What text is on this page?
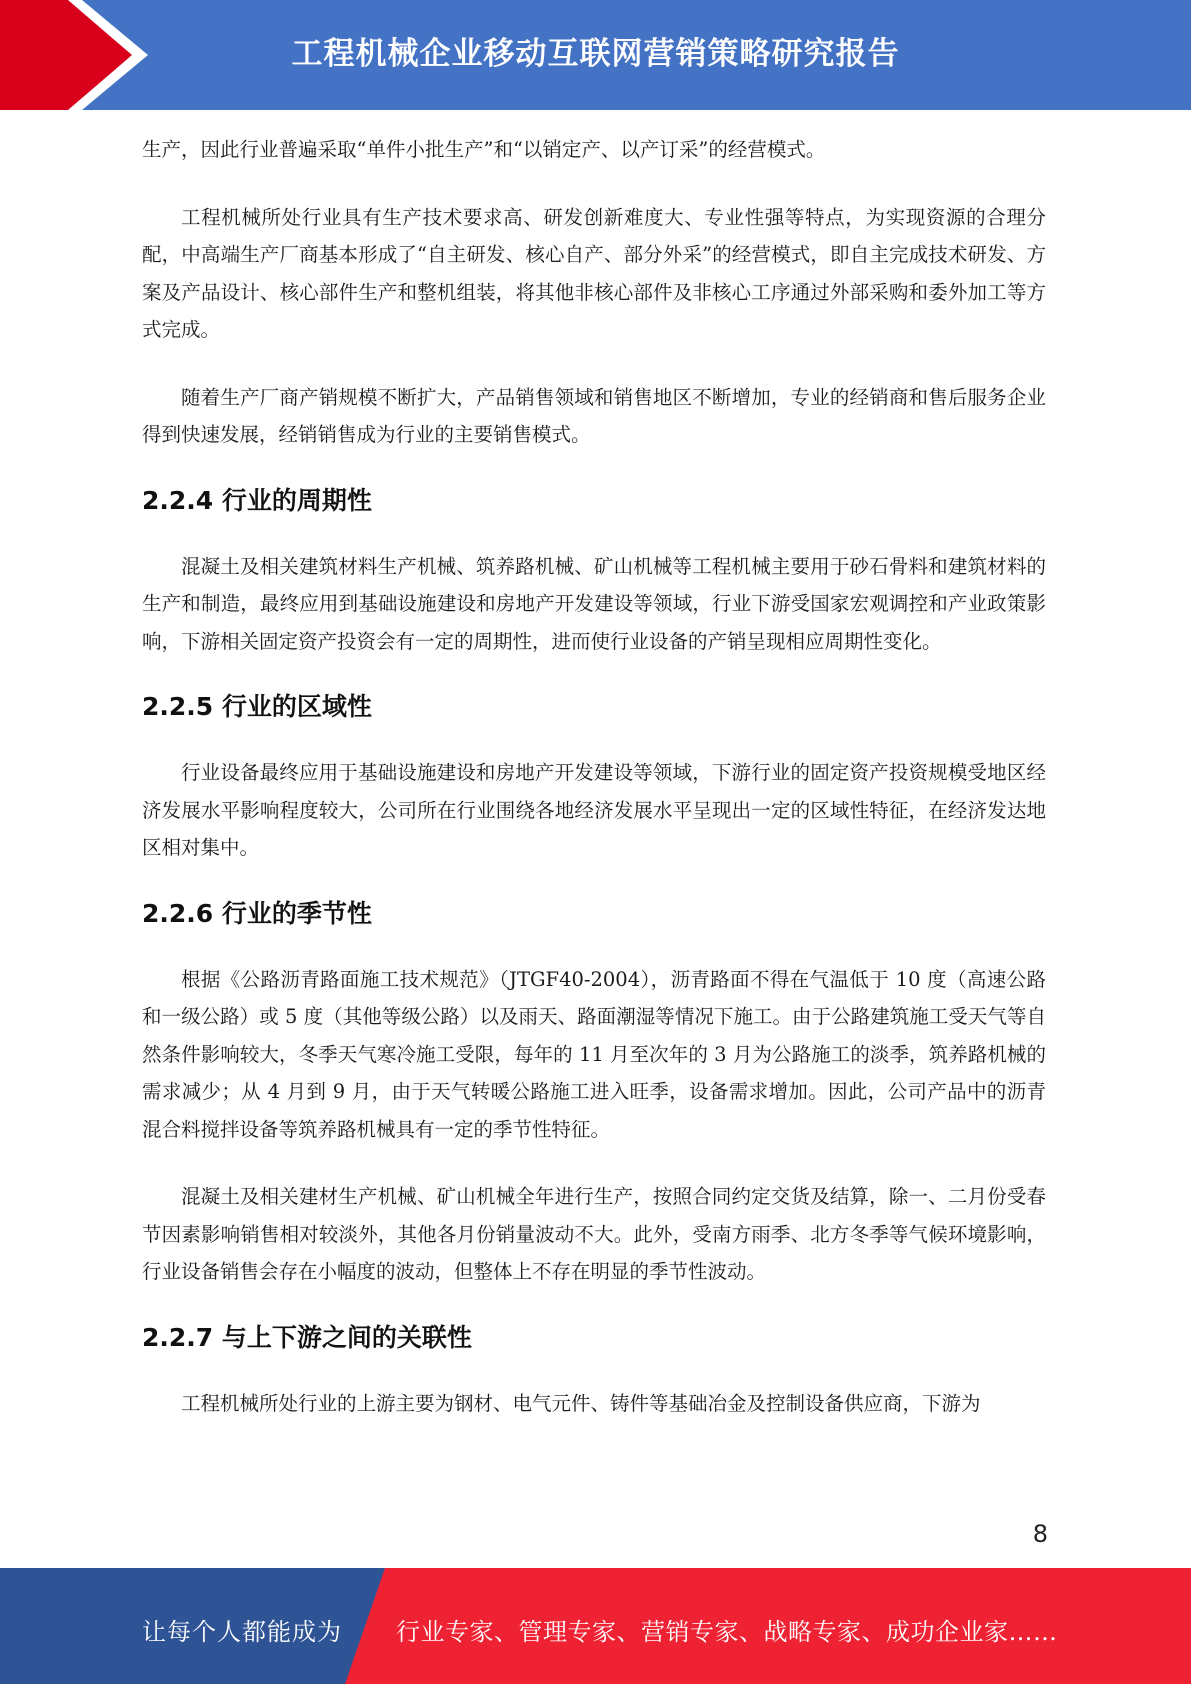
工程机械企业移动互联网营销策略研究报告

生产，因此行业普遍采取“单件小批生产”和“以销定产、以产订采”的经营模式。

工程机械所处行业具有生产技术要求高、研发创新难度大、专业性强等特点，为实现资源的合理分配，中高端生产厂商基本形成了“自主研发、核心自产、部分外采”的经营模式，即自主完成技术研发、方案及产品设计、核心部件生产和整机组装，将其他非核心部件及非核心工序通过外部采购和委外加工等方式完成。

随着生产厂商产销规模不断扩大，产品销售领域和销售地区不断增加，专业的经销商和售后服务企业得到快速发展，经销销售成为行业的主要销售模式。

2.2.4 行业的周期性

混凝土及相关建筑材料生产机械、筑养路机械、矿山机械等工程机械主要用于砂石骨料和建筑材料的生产和制造，最终应用到基础设施建设和房地产开发建设等领域，行业下游受国家宏观调控和产业政策影响，下游相关固定资产投资会有一定的周期性，进而使行业设备的产销呈现相应周期性变化。

2.2.5 行业的区域性

行业设备最终应用于基础设施建设和房地产开发建设等领域，下游行业的固定资产投资规模受地区经济发展水平影响程度较大，公司所在行业围绕各地经济发展水平呈现出一定的区域性特征，在经济发达地区相对集中。

2.2.6 行业的季节性

根据《公路沥青路面施工技术规范》（JTGF40-2004），沥青路面不得在气温低于 10 度（高速公路和一级公路）或 5 度（其他等级公路）以及雨天、路面潮湿等情况下施工。由于公路建筑施工受天气等自然条件影响较大，冬季天气寒冷施工受限，每年的 11 月至次年的 3 月为公路施工的淡季，筑养路机械的需求减少；从 4 月到 9 月，由于天气转暖公路施工进入旺季，设备需求增加。因此，公司产品中的沥青混合料搅拌设备等筑养路机械具有一定的季节性特征。

混凝土及相关建材生产机械、矿山机械全年进行生产，按照合同约定交货及结算，除一、二月份受春节因素影响销售相对较淡外，其他各月份销量波动不大。此外，受南方雨季、北方冬季等气候环境影响，行业设备销售会存在小幅度的波动，但整体上不存在明显的季节性波动。

2.2.7 与上下游之间的关联性

工程机械所处行业的上游主要为钢材、电气元件、铸件等基础冶金及控制设备供应商，下游为

8
让每个人都能成为 行业专家、管理专家、营销专家、战略专家、成功企业家……
